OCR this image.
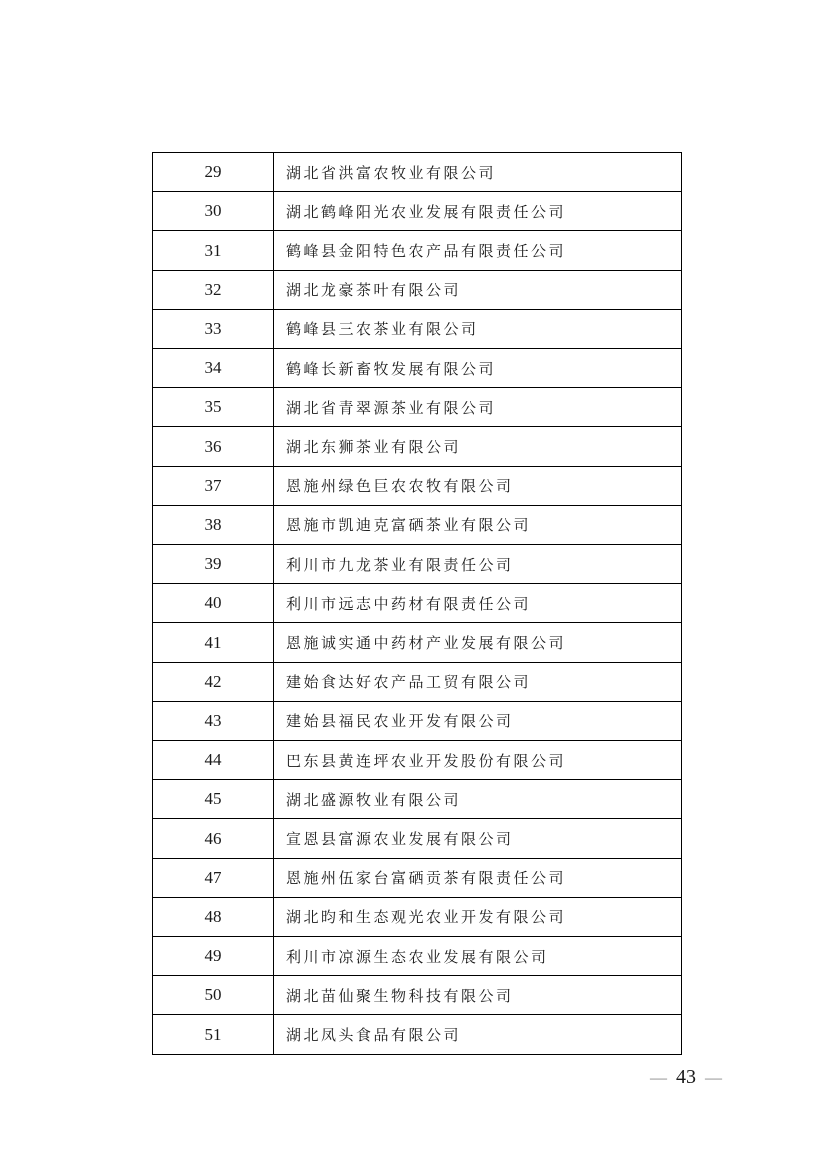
29	湖北省洪富农牧业有限公司
30	湖北鹤峰阳光农业发展有限责任公司
31	鹤峰县金阳特色农产品有限责任公司
32	湖北龙豪茶叶有限公司
33	鹤峰县三农茶业有限公司
34	鹤峰长新畜牧发展有限公司
35	湖北省青翠源茶业有限公司
36	湖北东狮茶业有限公司
37	恩施州绿色巨农农牧有限公司
38	恩施市凯迪克富硒茶业有限公司
39	利川市九龙茶业有限责任公司
40	利川市远志中药材有限责任公司
41	恩施诚实通中药材产业发展有限公司
42	建始食达好农产品工贸有限公司
43	建始县福民农业开发有限公司
44	巴东县黄连坪农业开发股份有限公司
45	湖北盛源牧业有限公司
46	宣恩县富源农业发展有限公司
47	恩施州伍家台富硒贡茶有限责任公司
48	湖北昀和生态观光农业开发有限公司
49	利川市凉源生态农业发展有限公司
50	湖北苗仙聚生物科技有限公司
51	湖北凤头食品有限公司
— 43 —
